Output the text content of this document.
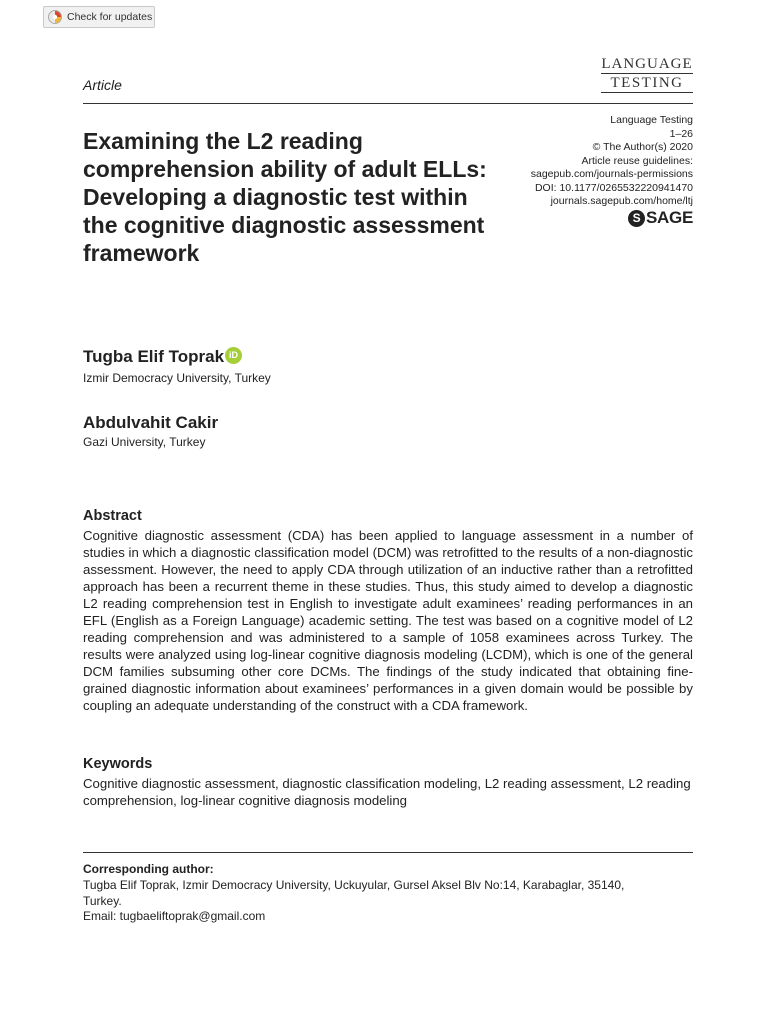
Check for updates
LANGUAGE
TESTING
Article
Examining the L2 reading comprehension ability of adult ELLs: Developing a diagnostic test within the cognitive diagnostic assessment framework
Language Testing
1–26
© The Author(s) 2020
Article reuse guidelines:
sagepub.com/journals-permissions
DOI: 10.1177/0265532220941470
journals.sagepub.com/home/ltj
S SAGE
Tugba Elif Toprak iD
Izmir Democracy University, Turkey
Abdulvahit Cakir
Gazi University, Turkey
Abstract

Cognitive diagnostic assessment (CDA) has been applied to language assessment in a number of studies in which a diagnostic classification model (DCM) was retrofitted to the results of a non-diagnostic assessment. However, the need to apply CDA through utilization of an inductive rather than a retrofitted approach has been a recurrent theme in these studies. Thus, this study aimed to develop a diagnostic L2 reading comprehension test in English to investigate adult examinees’ reading performances in an EFL (English as a Foreign Language) academic setting. The test was based on a cognitive model of L2 reading comprehension and was administered to a sample of 1058 examinees across Turkey. The results were analyzed using log-linear cognitive diagnosis modeling (LCDM), which is one of the general DCM families subsuming other core DCMs. The findings of the study indicated that obtaining fine-grained diagnostic information about examinees’ performances in a given domain would be possible by coupling an adequate understanding of the construct with a CDA framework.

Keywords

Cognitive diagnostic assessment, diagnostic classification modeling, L2 reading assessment, L2 reading comprehension, log-linear cognitive diagnosis modeling

Corresponding author:
Tugba Elif Toprak, Izmir Democracy University, Uckuyular, Gursel Aksel Blv No:14, Karabaglar, 35140,
Turkey.
Email: tugbaeliftoprak@gmail.com
